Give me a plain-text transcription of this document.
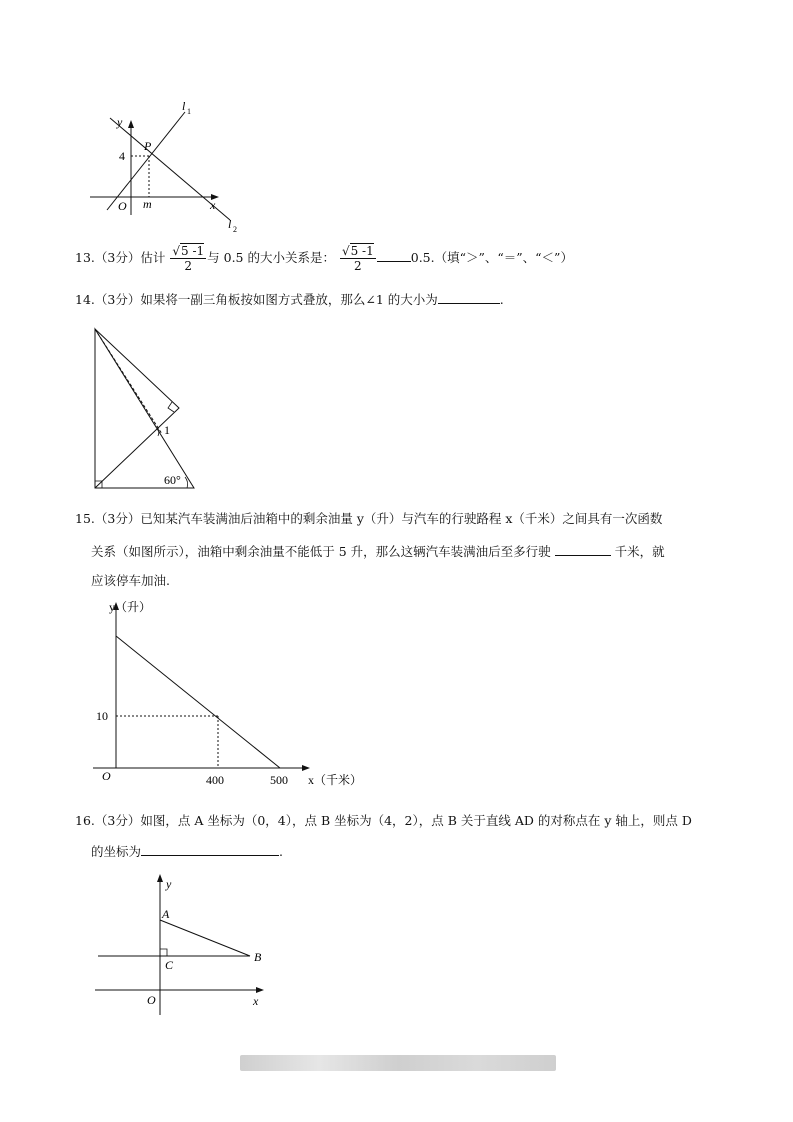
y
l 1
P
4
O m	x
l 2
13.（3分）估计 $\frac{√5 -1}{2}$ 与 0.5 的大小关系是： $\frac{√5 -1}{2}$	0.5.（填“＞”、“＝”、“＜”）
14.（3分）如果将一副三角板按如图方式叠放，那么∠1 的大小为	.
1
60°
15.（3分）已知某汽车装满油后油箱中的剩余油量 y（升）与汽车的行驶路程 x（千米）之间具有一次函数
关系（如图所示），油箱中剩余油量不能低于 5 升，那么这辆汽车装满油后至多行驶	千米，就
应该停车加油.
y（升）
10
O	400	500 x（千米）
16.（3分）如图，点 A 坐标为（0，4），点 B 坐标为（4，2），点 B 关于直线 AD 的对称点在 y 轴上，则点 D
的坐标为	.
y
A
C
B
O	x
